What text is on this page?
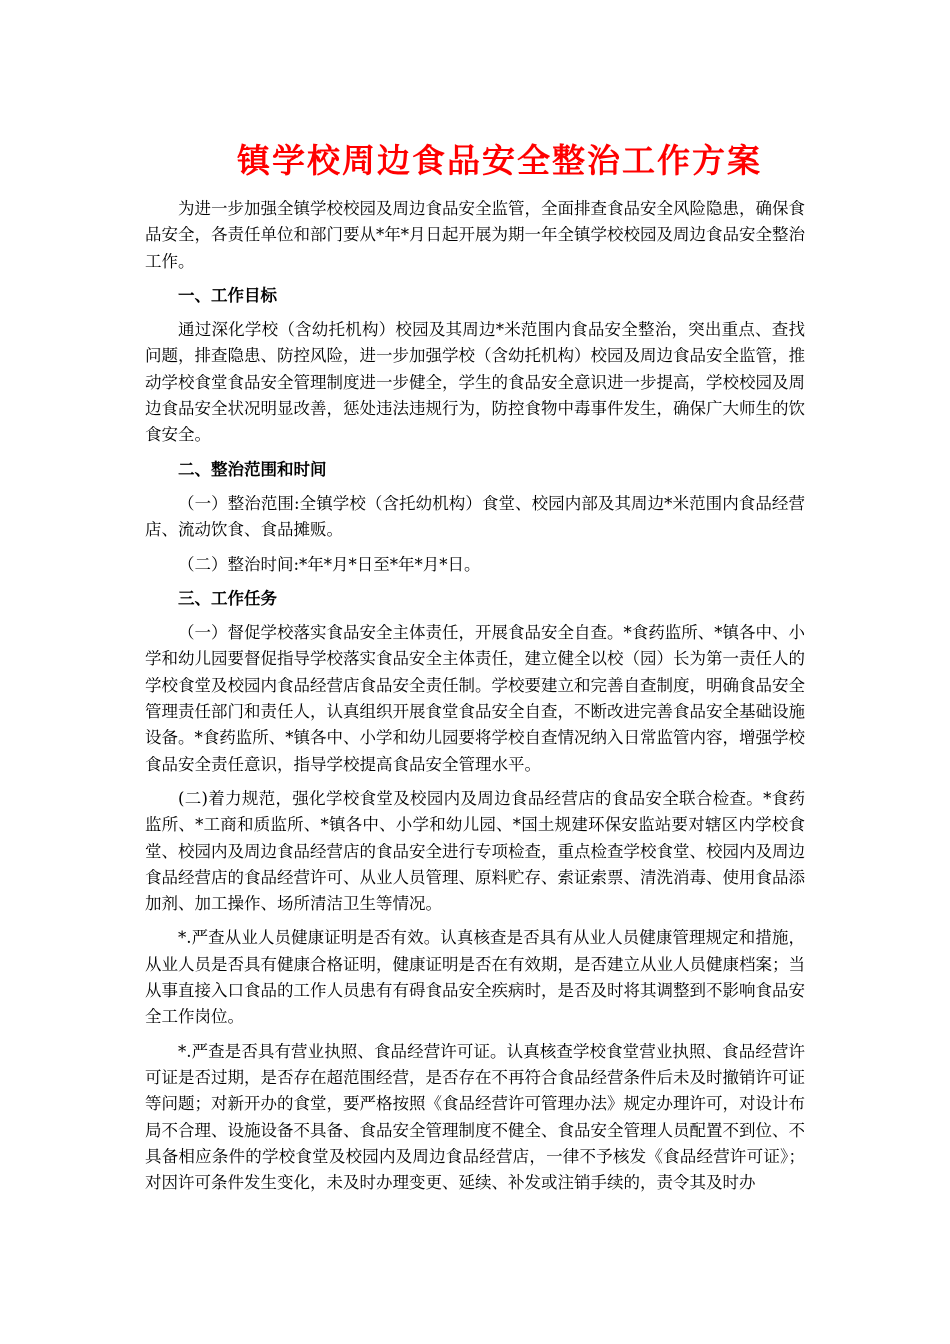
镇学校周边食品安全整治工作方案

为进一步加强全镇学校校园及周边食品安全监管，全面排查食品安全风险隐患，确保食品安全，各责任单位和部门要从*年*月日起开展为期一年全镇学校校园及周边食品安全整治工作。

一、工作目标

通过深化学校（含幼托机构）校园及其周边*米范围内食品安全整治，突出重点、查找问题，排查隐患、防控风险，进一步加强学校（含幼托机构）校园及周边食品安全监管，推动学校食堂食品安全管理制度进一步健全，学生的食品安全意识进一步提高，学校校园及周边食品安全状况明显改善，惩处违法违规行为，防控食物中毒事件发生，确保广大师生的饮食安全。

二、整治范围和时间

（一）整治范围:全镇学校（含托幼机构）食堂、校园内部及其周边*米范围内食品经营店、流动饮食、食品摊贩。

（二）整治时间:*年*月*日至*年*月*日。

三、工作任务

（一）督促学校落实食品安全主体责任，开展食品安全自查。*食药监所、*镇各中、小学和幼儿园要督促指导学校落实食品安全主体责任，建立健全以校（园）长为第一责任人的学校食堂及校园内食品经营店食品安全责任制。学校要建立和完善自查制度，明确食品安全管理责任部门和责任人，认真组织开展食堂食品安全自查，不断改进完善食品安全基础设施设备。*食药监所、*镇各中、小学和幼儿园要将学校自查情况纳入日常监管内容，增强学校食品安全责任意识，指导学校提高食品安全管理水平。

(二)着力规范，强化学校食堂及校园内及周边食品经营店的食品安全联合检查。*食药监所、*工商和质监所、*镇各中、小学和幼儿园、*国土规建环保安监站要对辖区内学校食堂、校园内及周边食品经营店的食品安全进行专项检查，重点检查学校食堂、校园内及周边食品经营店的食品经营许可、从业人员管理、原料贮存、索证索票、清洗消毒、使用食品添加剂、加工操作、场所清洁卫生等情况。

*.严查从业人员健康证明是否有效。认真核查是否具有从业人员健康管理规定和措施，从业人员是否具有健康合格证明，健康证明是否在有效期，是否建立从业人员健康档案；当从事直接入口食品的工作人员患有有碍食品安全疾病时，是否及时将其调整到不影响食品安全工作岗位。

*.严查是否具有营业执照、食品经营许可证。认真核查学校食堂营业执照、食品经营许可证是否过期，是否存在超范围经营，是否存在不再符合食品经营条件后未及时撤销许可证等问题；对新开办的食堂，要严格按照《食品经营许可管理办法》规定办理许可，对设计布局不合理、设施设备不具备、食品安全管理制度不健全、食品安全管理人员配置不到位、不具备相应条件的学校食堂及校园内及周边食品经营店，一律不予核发《食品经营许可证》；对因许可条件发生变化，未及时办理变更、延续、补发或注销手续的，责令其及时办
